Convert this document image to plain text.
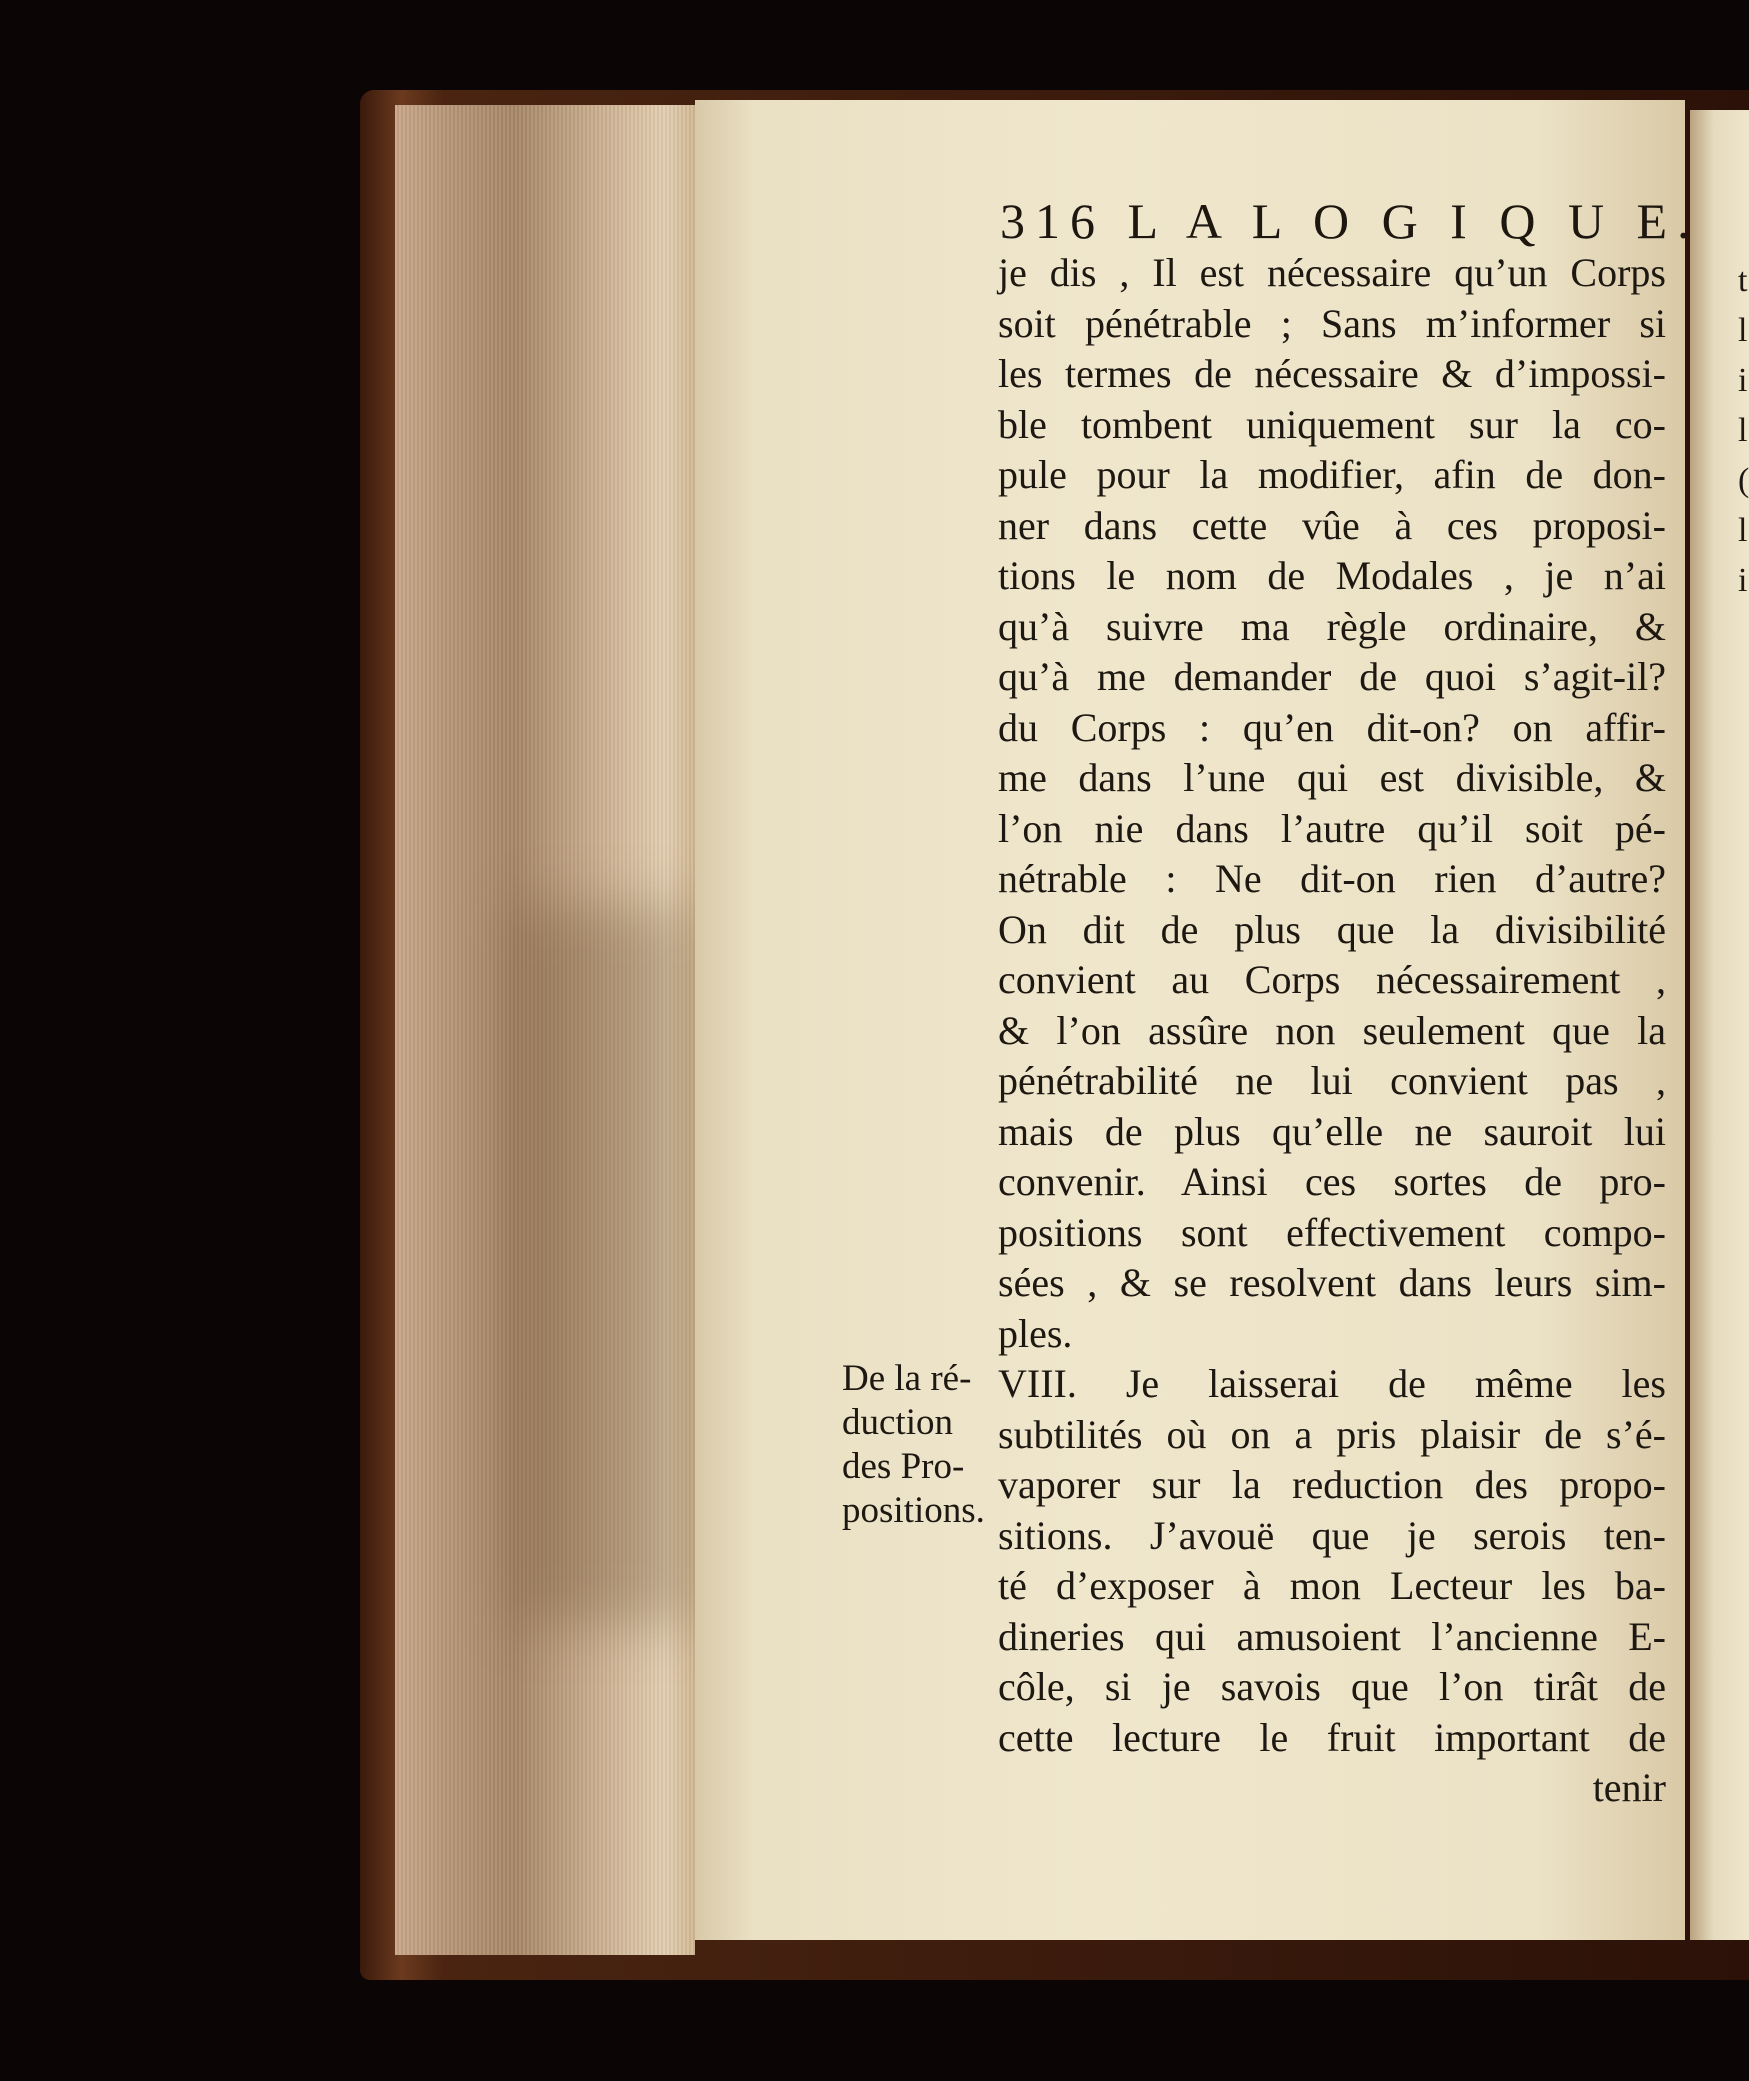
t
l
i
l
(
l
i
316 L A L O G I Q U E.
je dis , Il est nécessaire qu’un Corps
soit pénétrable ; Sans m’informer si
les termes de nécessaire & d’impossi-
ble tombent uniquement sur la co-
pule pour la modifier, afin de don-
ner dans cette vûe à ces proposi-
tions le nom de Modales , je n’ai
qu’à suivre ma règle ordinaire, &
qu’à me demander de quoi s’agit-il?
du Corps : qu’en dit-on? on affir-
me dans l’une qui est divisible, &
l’on nie dans l’autre qu’il soit pé-
nétrable : Ne dit-on rien d’autre?
On dit de plus que la divisibilité
convient au Corps nécessairement ,
& l’on assûre non seulement que la
pénétrabilité ne lui convient pas ,
mais de plus qu’elle ne sauroit lui
convenir. Ainsi ces sortes de pro-
positions sont effectivement compo-
sées , & se resolvent dans leurs sim-
ples.
VIII. Je laisserai de même les
subtilités où on a pris plaisir de s’é-
vaporer sur la reduction des propo-
sitions. J’avouë que je serois ten-
té d’exposer à mon Lecteur les ba-
dineries qui amusoient l’ancienne E-
côle, si je savois que l’on tirât de
cette lecture le fruit important de
tenir
De la ré-
duction
des Pro-
positions.
